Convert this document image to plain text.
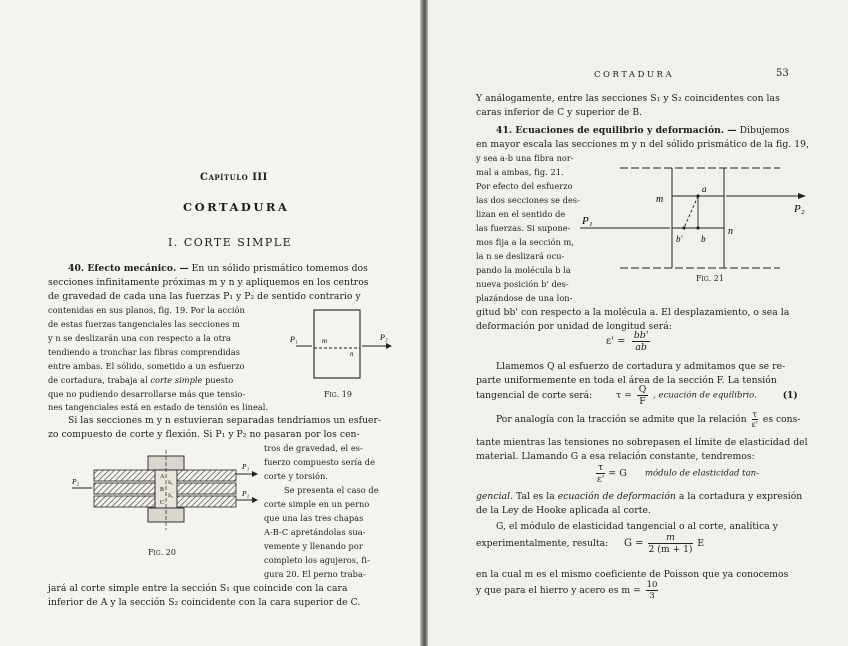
Capítulo III
CORTADURA
I. CORTE SIMPLE
40. Efecto mecánico. — En un sólido prismático tomemos dos
secciones infinitamente próximas m y n y apliquemos en los centros
de gravedad de cada una las fuerzas P₁ y P₂ de sentido contrario y
contenidas en sus planos, fig. 19. Por la acción
de estas fuerzas tangenciales las secciones m
y n se deslizarán una con respecto a la otra
tendiendo a tronchar las fibras comprendidas
entre ambas. El sólido, sometido a un esfuerzo
de cortadura, trabaja al corte simple puesto
que no pudiendo desarrollarse más que tensio-
nes tangenciales está en estado de tensión es lineal.
Si las secciones m y n estuvieran separadas tendríamos un esfuer-
zo compuesto de corte y flexión. Si P₁ y P₂ no pasaran por los cen-
tros de gravedad, el es-
fuerzo compuesto sería de
corte y torsión.
Se presenta el caso de
corte simple en un perno
que una las tres chapas
A-B-C apretándolas sua-
vemente y llenando por
completo los agujeros, fi-
gura 20. El perno traba-
jará al corte simple entre la sección S₁ que coincide con la cara
inferior de A y la sección S₂ coincidente con la cara superior de C.
P₁	P₂
m
n
Fig. 19
P₂
P₁
P₂
A
S₁
B
S₂
C
Fig. 20
CORTADURA	53
Y análogamente, entre las secciones S₁ y S₂ coincidentes con las
caras inferior de C y superior de B.
41. Ecuaciones de equilibrio y deformación. — Dibujemos
en mayor escala las secciones m y n del sólido prismático de la fig. 19,
y sea a-b una fibra nor-
mal a ambas, fig. 21.
Por efecto del esfuerzo
las dos secciones se des-
lizan en el sentido de
las fuerzas. Si supone-
mos fija a la sección m,
la n se deslizará ocu-
pando la molécula b la
nueva posición b' des-
plazándose de una lon-
gitud bb' con respecto a la molécula a. El desplazamiento, o sea la
deformación por unidad de longitud será:
m
n
a
b
b'
P₁
P₂
Fig. 21
$\varepsilon' = \frac{bb'}{ab}$
Llamemos Q al esfuerzo de cortadura y admitamos que se re-
parte uniformemente en toda el área de la sección F. La tensión
tangencial de corte será:	$\tau = \frac{Q}{F}$ , ecuación de equilibrio.	(1)
Por analogía con la tracción se admite que la relación $\frac{\tau}{\varepsilon'}$ es cons-
tante mientras las tensiones no sobrepasen el límite de elasticidad del
material. Llamando G a esa relación constante, tendremos:
$\frac{\tau}{\varepsilon'} = G$ módulo de elasticidad tan-
gencial. Tal es la ecuación de deformación a la cortadura y expresión
de la Ley de Hooke aplicada al corte.
G, el módulo de elasticidad tangencial o al corte, analítica y
experimentalmente, resulta: $G = \frac{m}{2 (m + 1)}$ E
en la cual m es el mismo coeficiente de Poisson que ya conocemos
y que para el hierro y acero es $m = \frac{10}{3}$
